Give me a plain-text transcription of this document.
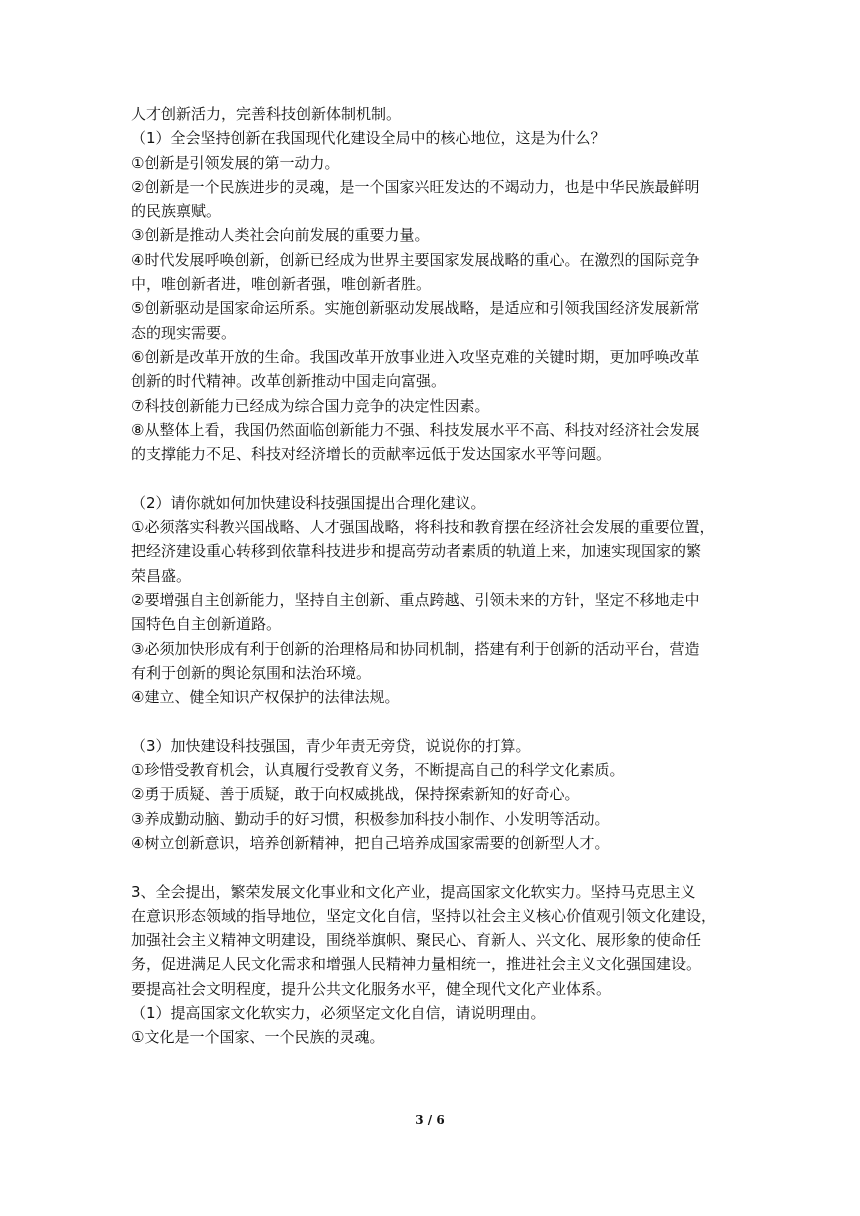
人才创新活力，完善科技创新体制机制。
（1）全会坚持创新在我国现代化建设全局中的核心地位，这是为什么？
①创新是引领发展的第一动力。
②创新是一个民族进步的灵魂，是一个国家兴旺发达的不竭动力，也是中华民族最鲜明
的民族禀赋。
③创新是推动人类社会向前发展的重要力量。
④时代发展呼唤创新，创新已经成为世界主要国家发展战略的重心。在激烈的国际竞争
中，唯创新者进，唯创新者强，唯创新者胜。
⑤创新驱动是国家命运所系。实施创新驱动发展战略，是适应和引领我国经济发展新常
态的现实需要。
⑥创新是改革开放的生命。我国改革开放事业进入攻坚克难的关键时期，更加呼唤改革
创新的时代精神。改革创新推动中国走向富强。
⑦科技创新能力已经成为综合国力竞争的决定性因素。
⑧从整体上看，我国仍然面临创新能力不强、科技发展水平不高、科技对经济社会发展
的支撑能力不足、科技对经济增长的贡献率远低于发达国家水平等问题。
（2）请你就如何加快建设科技强国提出合理化建议。
①必须落实科教兴国战略、人才强国战略，将科技和教育摆在经济社会发展的重要位置，
把经济建设重心转移到依靠科技进步和提高劳动者素质的轨道上来，加速实现国家的繁
荣昌盛。
②要增强自主创新能力，坚持自主创新、重点跨越、引领未来的方针，坚定不移地走中
国特色自主创新道路。
③必须加快形成有利于创新的治理格局和协同机制，搭建有利于创新的活动平台，营造
有利于创新的舆论氛围和法治环境。
④建立、健全知识产权保护的法律法规。
（3）加快建设科技强国，青少年责无旁贷，说说你的打算。
①珍惜受教育机会，认真履行受教育义务，不断提高自己的科学文化素质。
②勇于质疑、善于质疑，敢于向权威挑战，保持探索新知的好奇心。
③养成勤动脑、勤动手的好习惯，积极参加科技小制作、小发明等活动。
④树立创新意识，培养创新精神，把自己培养成国家需要的创新型人才。
3、全会提出，繁荣发展文化事业和文化产业，提高国家文化软实力。坚持马克思主义
在意识形态领域的指导地位，坚定文化自信，坚持以社会主义核心价值观引领文化建设，
加强社会主义精神文明建设，围绕举旗帜、聚民心、育新人、兴文化、展形象的使命任
务，促进满足人民文化需求和增强人民精神力量相统一，推进社会主义文化强国建设。
要提高社会文明程度，提升公共文化服务水平，健全现代文化产业体系。
（1）提高国家文化软实力，必须坚定文化自信，请说明理由。
①文化是一个国家、一个民族的灵魂。
3 / 6
